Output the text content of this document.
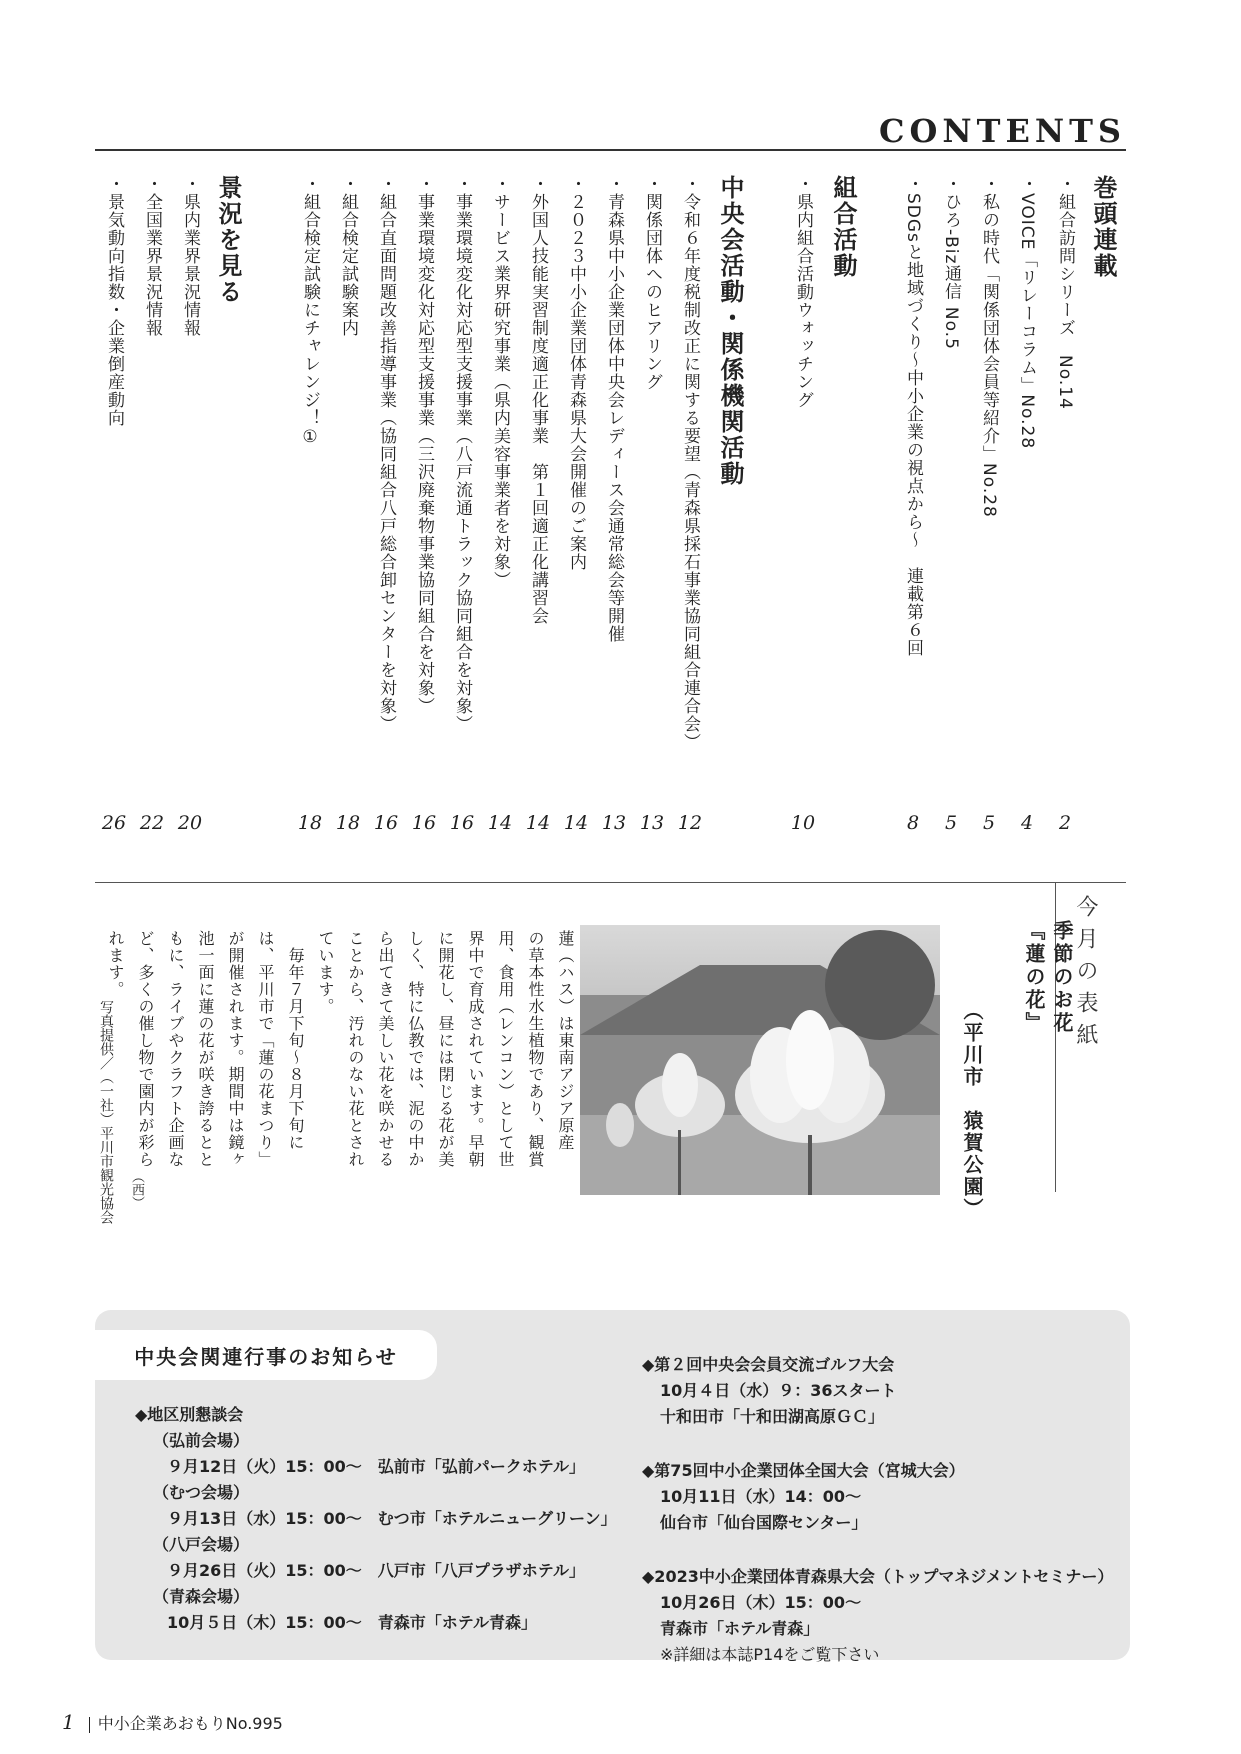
CONTENTS
巻頭連載
・組合訪問シリーズ　No.14
2
・VOICE「リレーコラム」No.28
4
・私の時代「関係団体会員等紹介」No.28
5
・ひろ-Biz通信 No.5
5
・SDGsと地域づくり～中小企業の視点から～　連載第６回
8
組合活動
・県内組合活動ウォッチング
10
中央会活動・関係機関活動
・令和６年度税制改正に関する要望（青森県採石事業協同組合連合会）
12
・関係団体へのヒアリング
13
・青森県中小企業団体中央会レディース会通常総会等開催
13
・２０２３中小企業団体青森県大会開催のご案内
14
・外国人技能実習制度適正化事業　第１回適正化講習会
14
・サービス業界研究事業（県内美容事業者を対象）
14
・事業環境変化対応型支援事業（八戸流通トラック協同組合を対象）
16
・事業環境変化対応型支援事業（三沢廃棄物事業協同組合を対象）
16
・組合直面問題改善指導事業（協同組合八戸総合卸センターを対象）
16
・組合検定試験案内
18
・組合検定試験にチャレンジ！①
18
景況を見る
・県内業界景況情報
20
・全国業界景況情報
22
・景気動向指数・企業倒産動向
26
今月の表紙
季節のお花
『蓮の花』
（平川市　猿賀公園）
蓮（ハス）は東南アジア原産
の草本性水生植物であり、観賞
用、食用（レンコン）として世
界中で育成されています。早朝
に開花し、昼には閉じる花が美
しく、特に仏教では、泥の中か
ら出てきて美しい花を咲かせる
ことから、汚れのない花とされ
ています。
　毎年７月下旬～８月下旬に
は、平川市で「蓮の花まつり」
が開催されます。期間中は鏡ヶ
池一面に蓮の花が咲き誇るとと
もに、ライブやクラフト企画な
ど、多くの催し物で園内が彩ら
れます。
（西）
写真提供／（一社）平川市観光協会
中央会関連行事のお知らせ
◆地区別懇談会
（弘前会場）
９月12日（火）15：00～　弘前市「弘前パークホテル」
（むつ会場）
９月13日（水）15：00～　むつ市「ホテルニューグリーン」
（八戸会場）
９月26日（火）15：00～　八戸市「八戸プラザホテル」
（青森会場）
10月５日（木）15：00～　青森市「ホテル青森」
◆第２回中央会会員交流ゴルフ大会
10月４日（水）９：36スタート
十和田市「十和田湖高原ＧＣ」
◆第75回中小企業団体全国大会（宮城大会）
10月11日（水）14：00～
仙台市「仙台国際センター」
◆2023中小企業団体青森県大会（トップマネジメントセミナー）
10月26日（木）15：00～
青森市「ホテル青森」
※詳細は本誌P14をご覧下さい
1 中小企業あおもりNo.995
